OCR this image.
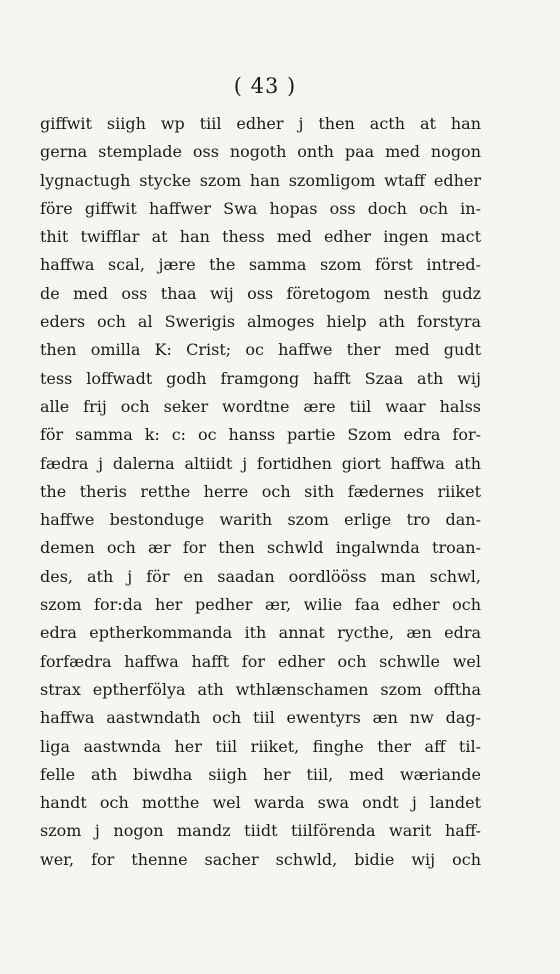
( 43 )
giffwit siigh wp tiil edher j then acth at han
gerna stemplade oss nogoth onth paa med nogon
lygnactugh stycke szom han szomligom wtaff edher
före giffwit haffwer Swa hopas oss doch och in-
thit twifflar at han thess med edher ingen mact
haffwa scal, jære the samma szom först intred-
de med oss thaa wij oss företogom nesth gudz
eders och al Swerigis almoges hielp ath forstyra
then omilla K: Crist; oc haffwe ther med gudt
tess loffwadt godh framgong hafft Szaa ath wij
alle frij och seker wordtne ære tiil waar halss
för samma k: c: oc hanss partie Szom edra for-
fædra j dalerna altiidt j fortidhen giort haffwa ath
the theris retthe herre och sith fædernes riiket
haffwe bestonduge warith szom erlige tro dan-
demen och ær for then schwld ingalwnda troan-
des, ath j för en saadan oordlööss man schwl,
szom for:da her pedher ær, wilie faa edher och
edra eptherkommanda ith annat rycthe, æn edra
forfædra haffwa hafft for edher och schwlle wel
strax eptherfölya ath wthlænschamen szom offtha
haffwa aastwndath och tiil ewentyrs æn nw dag-
liga aastwnda her tiil riiket, finghe ther aff til-
felle ath biwdha siigh her tiil, med wæriande
handt och motthe wel warda swa ondt j landet
szom j nogon mandz tiidt tiilförenda warit haff-
wer, for thenne sacher schwld, bidie wij och
